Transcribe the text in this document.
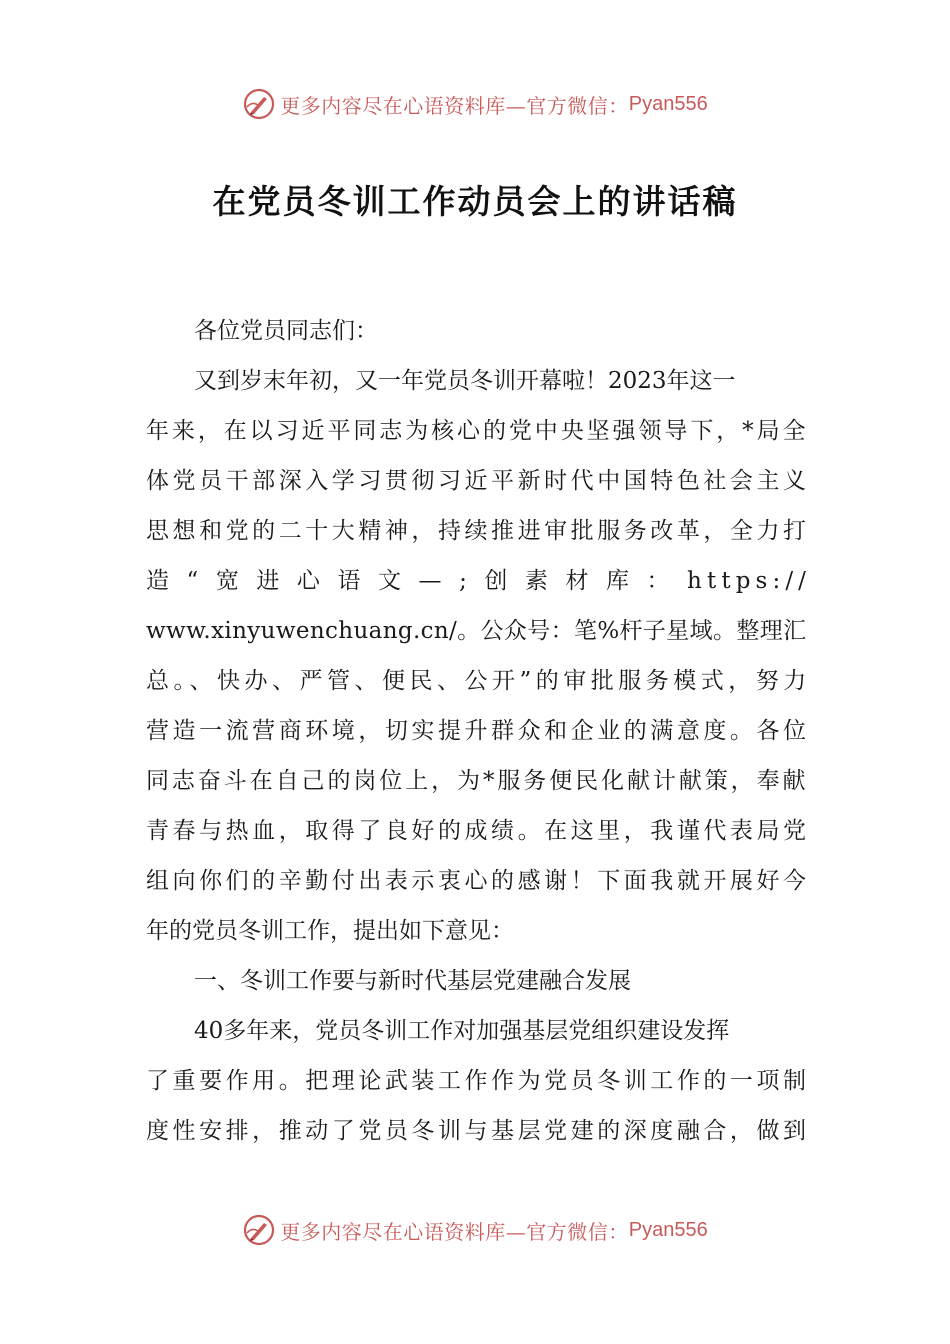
更多内容尽在心语资料库—官方微信： Pyan556
在党员冬训工作动员会上的讲话稿
各位党员同志们：
又到岁末年初，又一年党员冬训开幕啦！2023年这一
年来，在以习近平同志为核心的党中央坚强领导下，*局全
体党员干部深入学习贯彻习近平新时代中国特色社会主义
思想和党的二十大精神，持续推进审批服务改革，全力打
造 “ 宽 进 心 语 文 — ; 创 素 材 库 ： https://
www.xinyuwenchuang.cn/。公众号：笔%杆子星域。整理汇
总。、快办、严管、便民、公开”的审批服务模式，努力
营造一流营商环境，切实提升群众和企业的满意度。各位
同志奋斗在自己的岗位上，为*服务便民化献计献策，奉献
青春与热血，取得了良好的成绩。在这里，我谨代表局党
组向你们的辛勤付出表示衷心的感谢！下面我就开展好今
年的党员冬训工作，提出如下意见：
一、冬训工作要与新时代基层党建融合发展
40多年来，党员冬训工作对加强基层党组织建设发挥
了重要作用。把理论武装工作作为党员冬训工作的一项制
度性安排，推动了党员冬训与基层党建的深度融合，做到
更多内容尽在心语资料库—官方微信： Pyan556
